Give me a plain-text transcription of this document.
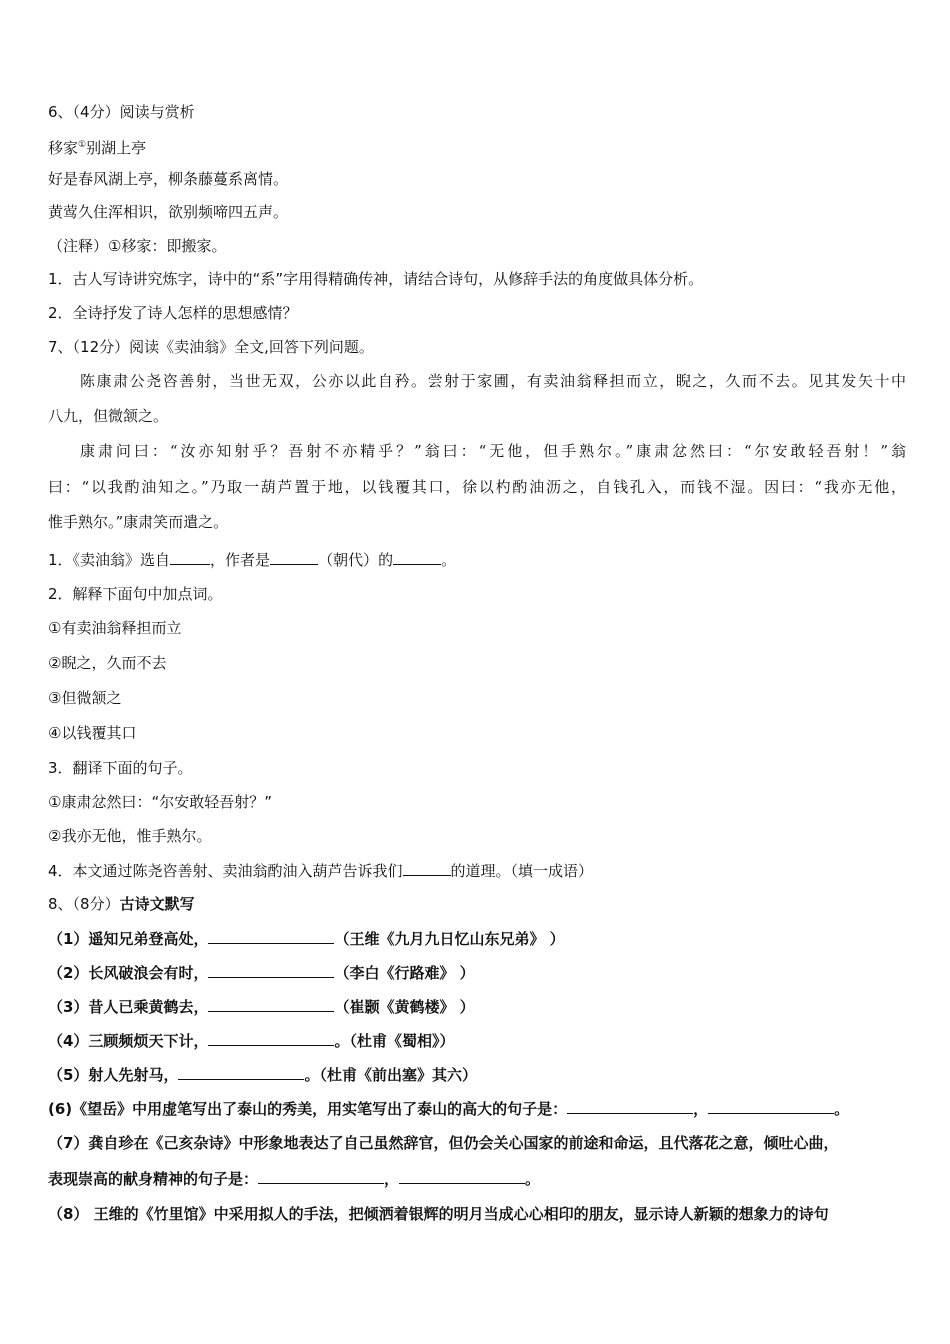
6、（4分）阅读与赏析
移家①别湖上亭
好是春风湖上亭，柳条藤蔓系离情。
黄莺久住浑相识，欲别频啼四五声。
（注释）①移家：即搬家。
1．古人写诗讲究炼字，诗中的“系”字用得精确传神，请结合诗句，从修辞手法的角度做具体分析。
2．全诗抒发了诗人怎样的思想感情？
7、（12分）阅读《卖油翁》全文,回答下列问题。
陈康肃公尧咨善射，当世无双，公亦以此自矜。尝射于家圃，有卖油翁释担而立，睨之，久而不去。见其发矢十中
八九，但微颔之。
康肃问曰：“汝亦知射乎？吾射不亦精乎？”翁曰：“无他，但手熟尔。”康肃忿然曰：“尔安敢轻吾射！”翁
曰：“以我酌油知之。”乃取一葫芦置于地，以钱覆其口，徐以杓酌油沥之，自钱孔入，而钱不湿。因曰：“我亦无他，
惟手熟尔。”康肃笑而遣之。
1．《卖油翁》选自	，作者是	（朝代）的	。
2．解释下面句中加点词。
①有卖油翁释担而立
②睨之，久而不去
③但微颔之
④以钱覆其口
3．翻译下面的句子。
①康肃忿然曰：“尔安敢轻吾射？”
②我亦无他，惟手熟尔。
4．本文通过陈尧咨善射、卖油翁酌油入葫芦告诉我们	的道理。（填一成语）
8、（8分）古诗文默写
（1）遥知兄弟登高处，	（王维《九月九日忆山东兄弟》 ）
（2）长风破浪会有时，	（李白《行路难》 ）
（3）昔人已乘黄鹤去，	（崔颢《黄鹤楼》 ）
（4）三顾频烦天下计，	。（杜甫《蜀相》）
（5）射人先射马，	。（杜甫《前出塞》其六）
(6)《望岳》中用虚笔写出了泰山的秀美，用实笔写出了泰山的高大的句子是：	，	。
（7）龚自珍在《己亥杂诗》中形象地表达了自己虽然辞官，但仍会关心国家的前途和命运，且代落花之意，倾吐心曲，
表现崇高的献身精神的句子是：	，	。
（8） 王维的《竹里馆》中采用拟人的手法，把倾洒着银辉的明月当成心心相印的朋友，显示诗人新颖的想象力的诗句
